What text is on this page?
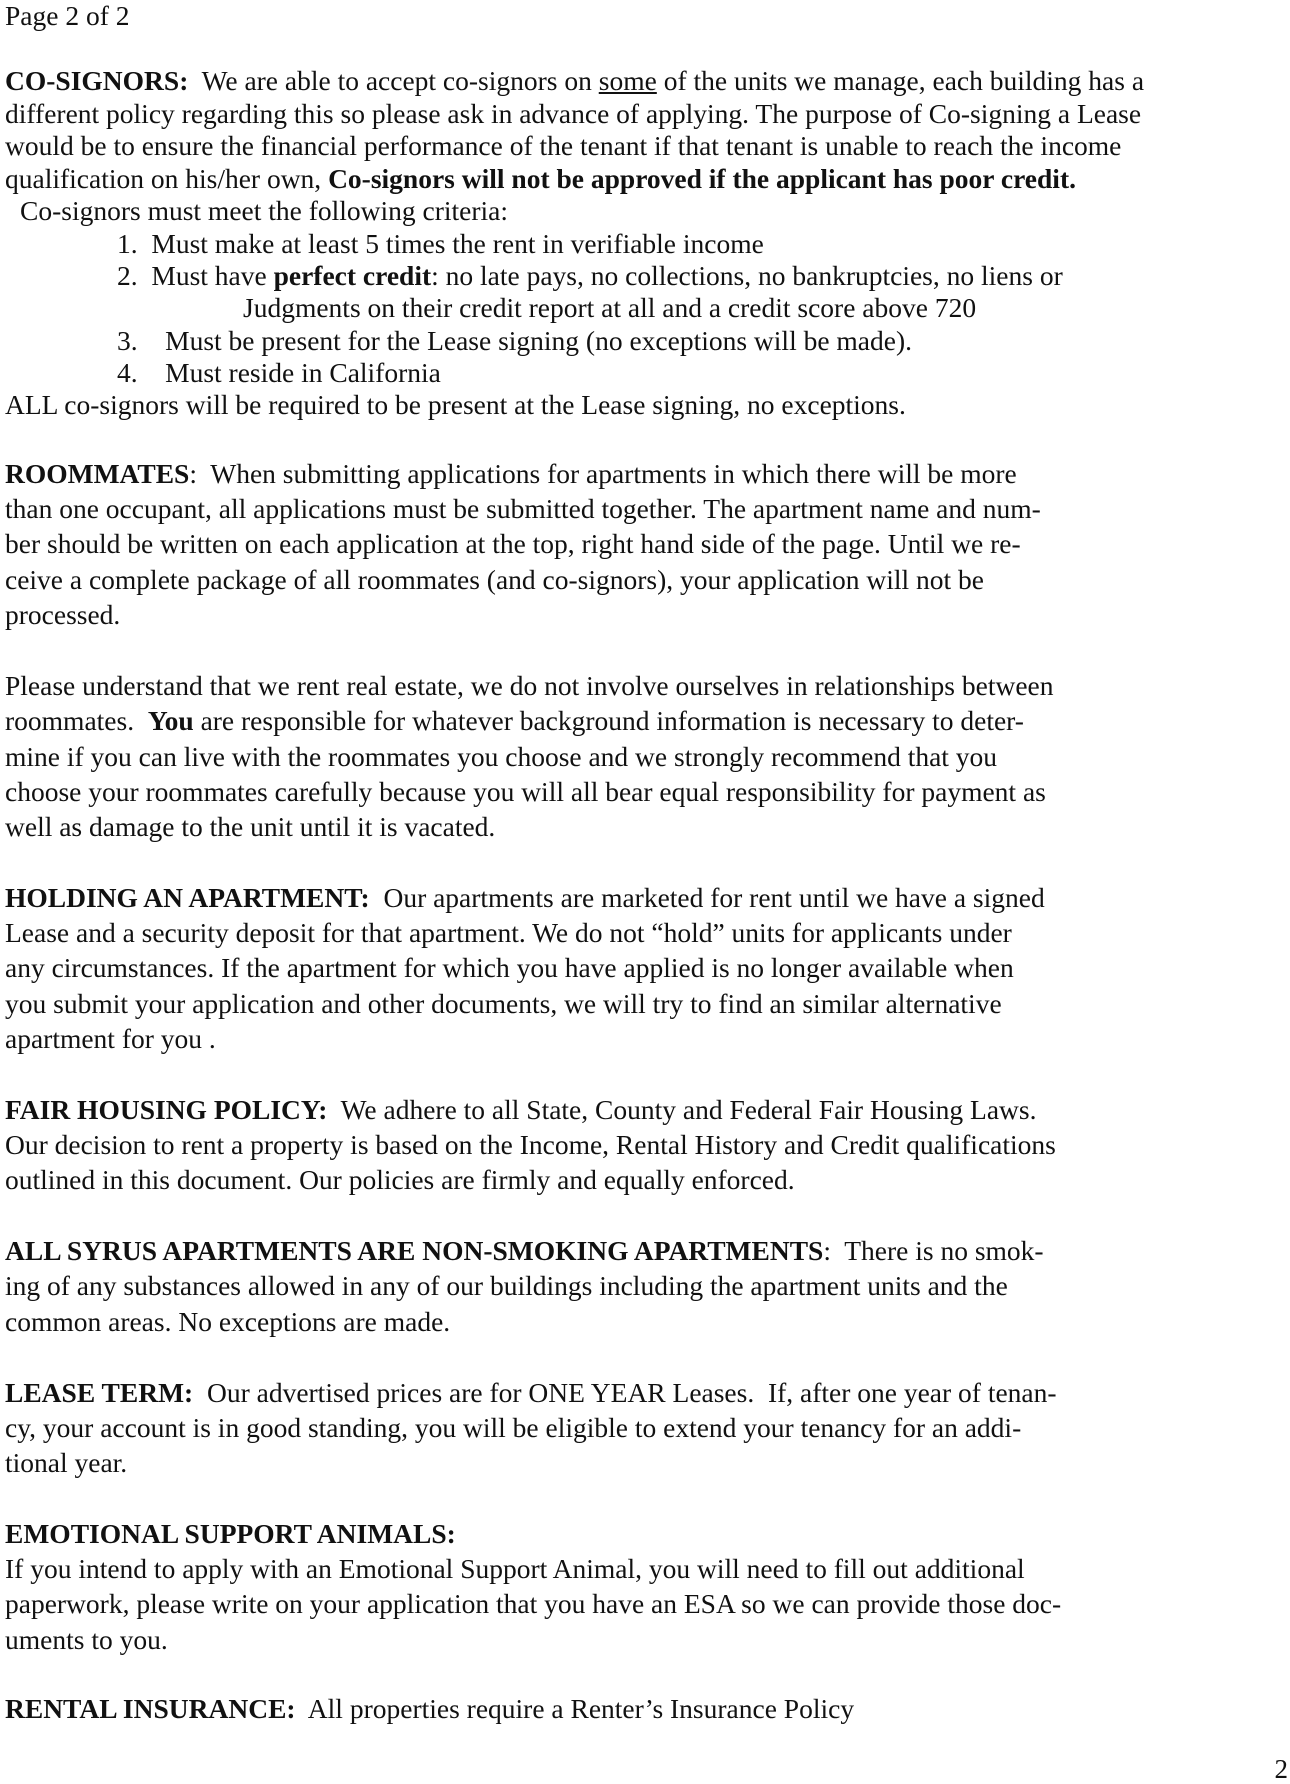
Page 2 of 2
CO-SIGNORS:  We are able to accept co-signors on some of the units we manage, each building has a
different policy regarding this so please ask in advance of applying. The purpose of Co-signing a Lease
would be to ensure the financial performance of the tenant if that tenant is unable to reach the income
qualification on his/her own, Co-signors will not be approved if the applicant has poor credit.
Co-signors must meet the following criteria:
1. Must make at least 5 times the rent in verifiable income
2. Must have perfect credit: no late pays, no collections, no bankruptcies, no liens or
Judgments on their credit report at all and a credit score above 720
3. Must be present for the Lease signing (no exceptions will be made).
4. Must reside in California
ALL co-signors will be required to be present at the Lease signing, no exceptions.
ROOMMATES:  When submitting applications for apartments in which there will be more
than one occupant, all applications must be submitted together. The apartment name and num-
ber should be written on each application at the top, right hand side of the page. Until we re-
ceive a complete package of all roommates (and co-signors), your application will not be
processed.
Please understand that we rent real estate, we do not involve ourselves in relationships between
roommates.  You are responsible for whatever background information is necessary to deter-
mine if you can live with the roommates you choose and we strongly recommend that you
choose your roommates carefully because you will all bear equal responsibility for payment as
well as damage to the unit until it is vacated.
HOLDING AN APARTMENT:  Our apartments are marketed for rent until we have a signed
Lease and a security deposit for that apartment. We do not “hold” units for applicants under
any circumstances. If the apartment for which you have applied is no longer available when
you submit your application and other documents, we will try to find an similar alternative
apartment for you .
FAIR HOUSING POLICY:  We adhere to all State, County and Federal Fair Housing Laws.
Our decision to rent a property is based on the Income, Rental History and Credit qualifications
outlined in this document. Our policies are firmly and equally enforced.
ALL SYRUS APARTMENTS ARE NON-SMOKING APARTMENTS:  There is no smok-
ing of any substances allowed in any of our buildings including the apartment units and the
common areas. No exceptions are made.
LEASE TERM:  Our advertised prices are for ONE YEAR Leases.  If, after one year of tenan-
cy, your account is in good standing, you will be eligible to extend your tenancy for an addi-
tional year.
EMOTIONAL SUPPORT ANIMALS:
If you intend to apply with an Emotional Support Animal, you will need to fill out additional
paperwork, please write on your application that you have an ESA so we can provide those doc-
uments to you.
RENTAL INSURANCE:  All properties require a Renter’s Insurance Policy
2
